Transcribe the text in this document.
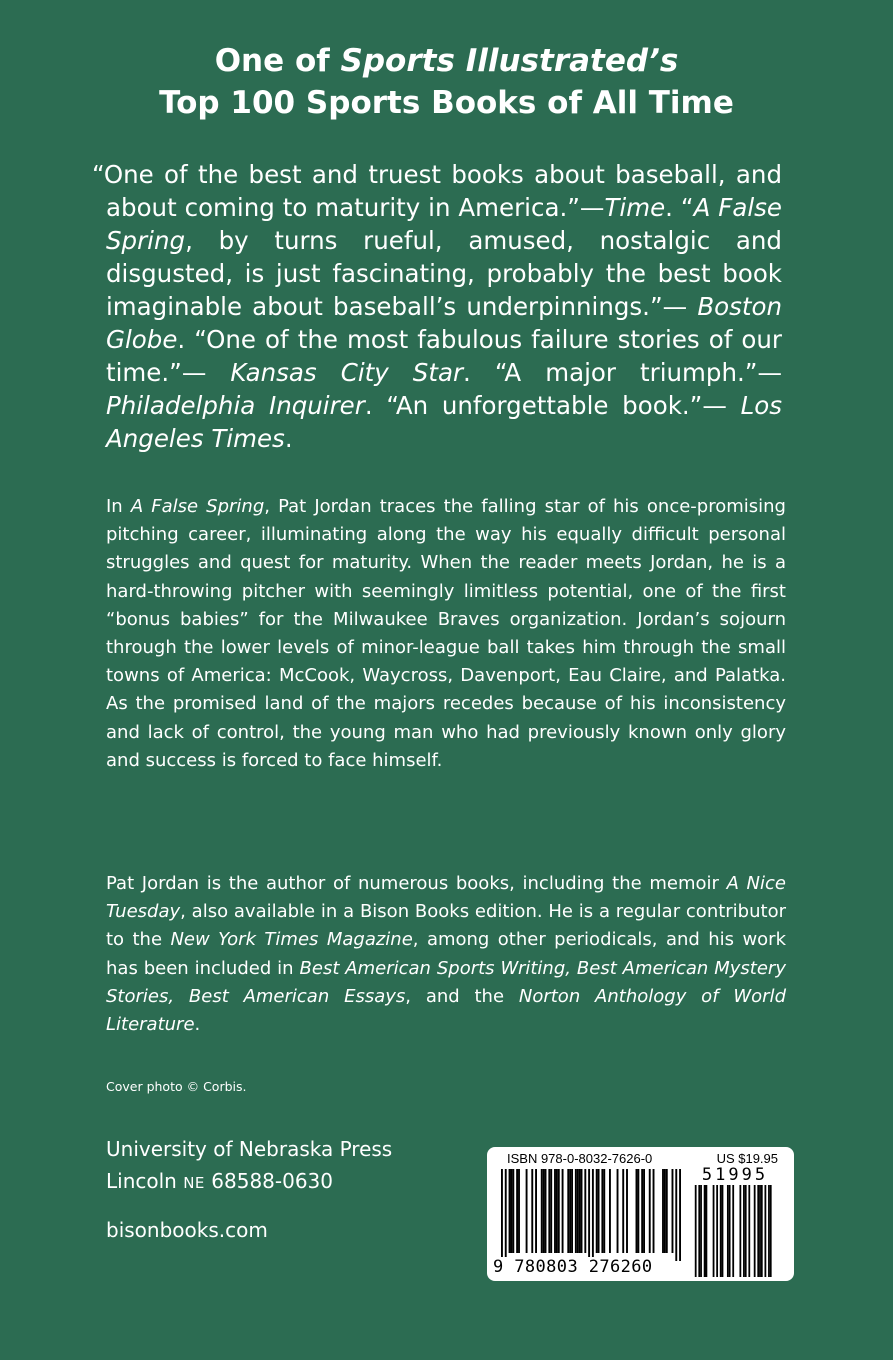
One of Sports Illustrated’s
Top 100 Sports Books of All Time
“One of the best and truest books about baseball, and about coming to maturity in America.”—Time. “A False Spring, by turns rueful, amused, nostalgic and disgusted, is just fascinating, probably the best book imaginable about baseball’s underpinnings.”— Boston Globe. “One of the most fabulous failure stories of our time.”— Kansas City Star. “A major triumph.”— Philadelphia Inquirer. “An unforgettable book.”— Los Angeles Times.
In A False Spring, Pat Jordan traces the falling star of his once-promising pitching career, illuminating along the way his equally difficult personal struggles and quest for maturity. When the reader meets Jordan, he is a hard-throwing pitcher with seemingly limitless potential, one of the first “bonus babies” for the Milwaukee Braves organization. Jordan’s sojourn through the lower levels of minor-league ball takes him through the small towns of America: McCook, Waycross, Davenport, Eau Claire, and Palatka. As the promised land of the majors recedes because of his inconsistency and lack of control, the young man who had previously known only glory and success is forced to face himself.
Pat Jordan is the author of numerous books, including the memoir A Nice Tuesday, also available in a Bison Books edition. He is a regular contributor to the New York Times Magazine, among other periodicals, and his work has been included in Best American Sports Writing, Best American Mystery Stories, Best American Essays, and the Norton Anthology of World Literature.
Cover photo © Corbis.
University of Nebraska Press
Lincoln NE 68588-0630
bisonbooks.com
ISBN 978-0-8032-7626-0	US $19.95
51995
9 780803 276260
